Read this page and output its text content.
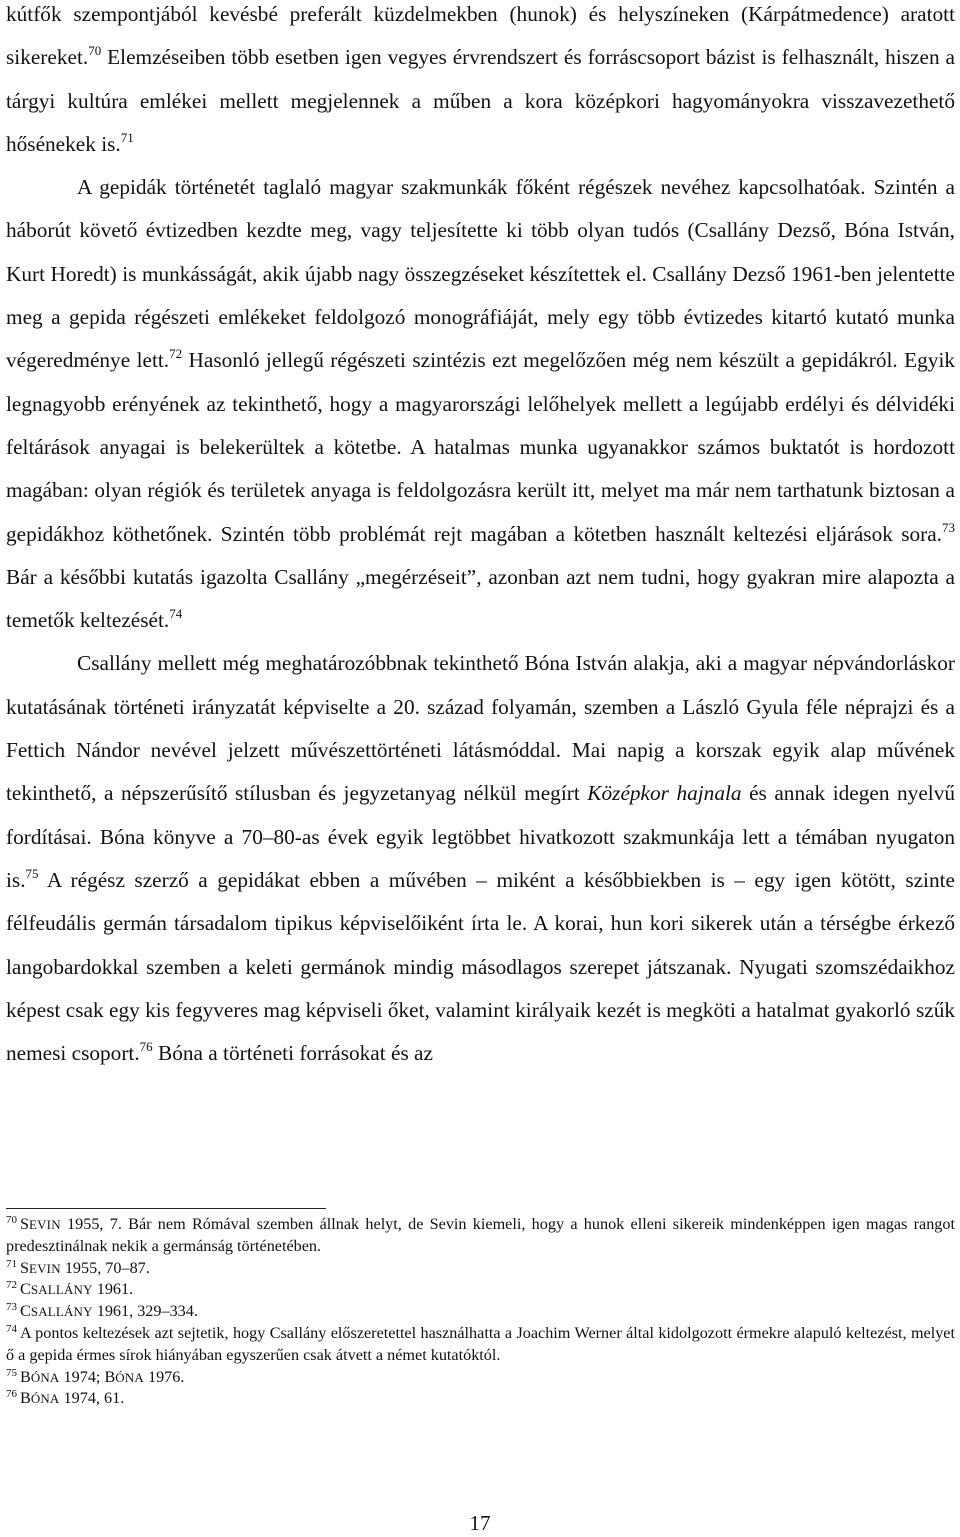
kútfők szempontjából kevésbé preferált küzdelmekben (hunok) és helyszíneken (Kárpátmedence) aratott sikereket.$^{70}$ Elemzéseiben több esetben igen vegyes érvrendszert és forráscsoport bázist is felhasznált, hiszen a tárgyi kultúra emlékei mellett megjelennek a műben a kora középkori hagyományokra visszavezethető hősénekek is.$^{71}$

A gepidák történetét taglaló magyar szakmunkák főként régészek nevéhez kapcsolhatóak. Szintén a háborút követő évtizedben kezdte meg, vagy teljesítette ki több olyan tudós (Csallány Dezső, Bóna István, Kurt Horedt) is munkásságát, akik újabb nagy összegzéseket készítettek el. Csallány Dezső 1961-ben jelentette meg a gepida régészeti emlékeket feldolgozó monográfiáját, mely egy több évtizedes kitartó kutató munka végeredménye lett.$^{72}$ Hasonló jellegű régészeti szintézis ezt megelőzően még nem készült a gepidákról. Egyik legnagyobb erényének az tekinthető, hogy a magyarországi lelőhelyek mellett a legújabb erdélyi és délvidéki feltárások anyagai is belekerültek a kötetbe. A hatalmas munka ugyanakkor számos buktatót is hordozott magában: olyan régiók és területek anyaga is feldolgozásra került itt, melyet ma már nem tarthatunk biztosan a gepidákhoz köthetőnek. Szintén több problémát rejt magában a kötetben használt keltezési eljárások sora.$^{73}$ Bár a későbbi kutatás igazolta Csallány „megérzéseit”, azonban azt nem tudni, hogy gyakran mire alapozta a temetők keltezését.$^{74}$

Csallány mellett még meghatározóbbnak tekinthető Bóna István alakja, aki a magyar népvándorláskor kutatásának történeti irányzatát képviselte a 20. század folyamán, szemben a László Gyula féle néprajzi és a Fettich Nándor nevével jelzett művészettörténeti látásmóddal. Mai napig a korszak egyik alap művének tekinthető, a népszerűsítő stílusban és jegyzetanyag nélkül megírt Középkor hajnala és annak idegen nyelvű fordításai. Bóna könyve a 70–80-as évek egyik legtöbbet hivatkozott szakmunkája lett a témában nyugaton is.$^{75}$ A régész szerző a gepidákat ebben a művében – miként a későbbiekben is – egy igen kötött, szinte félfeudális germán társadalom tipikus képviselőiként írta le. A korai, hun kori sikerek után a térségbe érkező langobardokkal szemben a keleti germánok mindig másodlagos szerepet játszanak. Nyugati szomszédaikhoz képest csak egy kis fegyveres mag képviseli őket, valamint királyaik kezét is megköti a hatalmat gyakorló szűk nemesi csoport.$^{76}$ Bóna a történeti forrásokat és az

$^{70}$ SEVIN 1955, 7. Bár nem Rómával szemben állnak helyt, de Sevin kiemeli, hogy a hunok elleni sikereik mindenképpen igen magas rangot predesztinálnak nekik a germánság történetében.

$^{71}$ SEVIN 1955, 70–87.

$^{72}$ CSALLÁNY 1961.

$^{73}$ CSALLÁNY 1961, 329–334.

$^{74}$ A pontos keltezések azt sejtetik, hogy Csallány előszeretettel használhatta a Joachim Werner által kidolgozott érmekre alapuló keltezést, melyet ő a gepida érmes sírok hiányában egyszerűen csak átvett a német kutatóktól.

$^{75}$ BÓNA 1974; BÓNA 1976.

$^{76}$ BÓNA 1974, 61.

17
